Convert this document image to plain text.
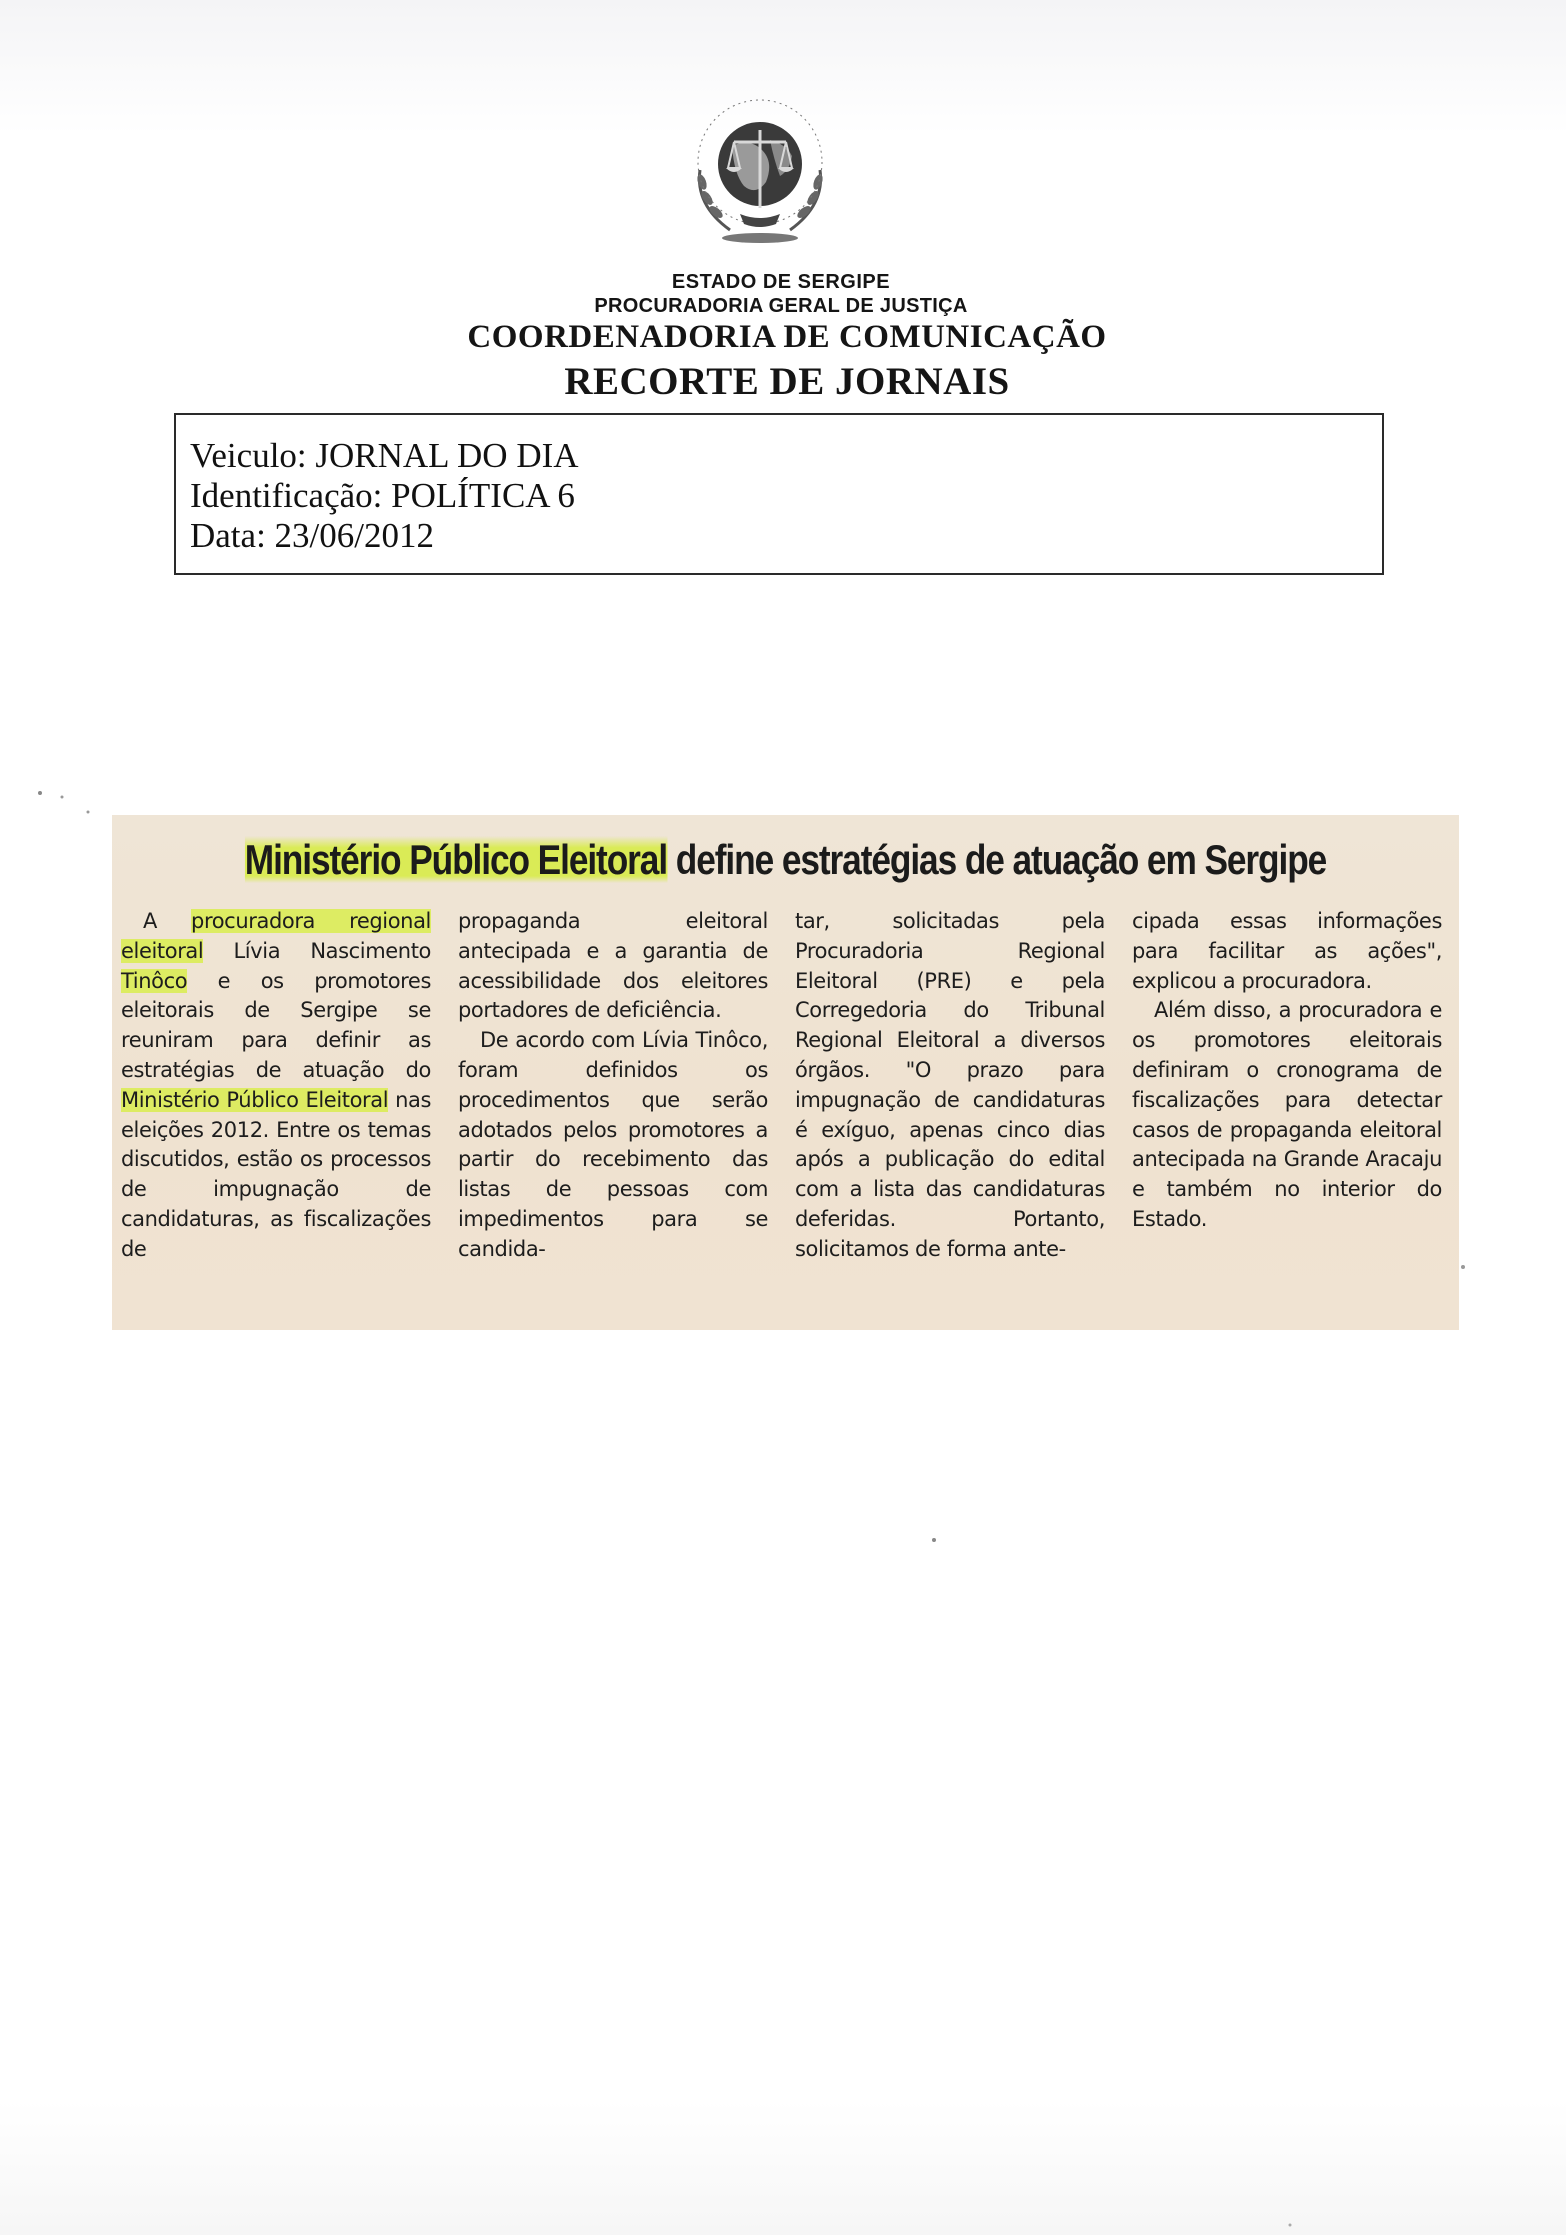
ESTADO DE SERGIPE
PROCURADORIA GERAL DE JUSTIÇA
COORDENADORIA DE COMUNICAÇÃO
RECORTE DE JORNAIS
Veiculo: JORNAL DO DIA
Identificação: POLÍTICA 6
Data: 23/06/2012
Ministério Público Eleitoral define estratégias de atuação em Sergipe

A procuradora regional eleitoral Lívia Nascimento Tinôco e os promotores eleitorais de Sergipe se reuniram para definir as estratégias de atuação do Ministério Público Eleitoral nas eleições 2012. Entre os temas discutidos, estão os processos de impugnação de candidaturas, as fiscalizações de

propaganda eleitoral antecipada e a garantia de acessibilidade dos eleitores portadores de deficiência.

De acordo com Lívia Tinôco, foram definidos os procedimentos que serão adotados pelos promotores a partir do recebimento das listas de pessoas com impedimentos para se candida-

tar, solicitadas pela Procuradoria Regional Eleitoral (PRE) e pela Corregedoria do Tribunal Regional Eleitoral a diversos órgãos. "O prazo para impugnação de candidaturas é exíguo, apenas cinco dias após a publicação do edital com a lista das candidaturas deferidas. Portanto, solicitamos de forma ante-

cipada essas informações para facilitar as ações", explicou a procuradora.

Além disso, a procuradora e os promotores eleitorais definiram o cronograma de fiscalizações para detectar casos de propaganda eleitoral antecipada na Grande Aracaju e também no interior do Estado.
